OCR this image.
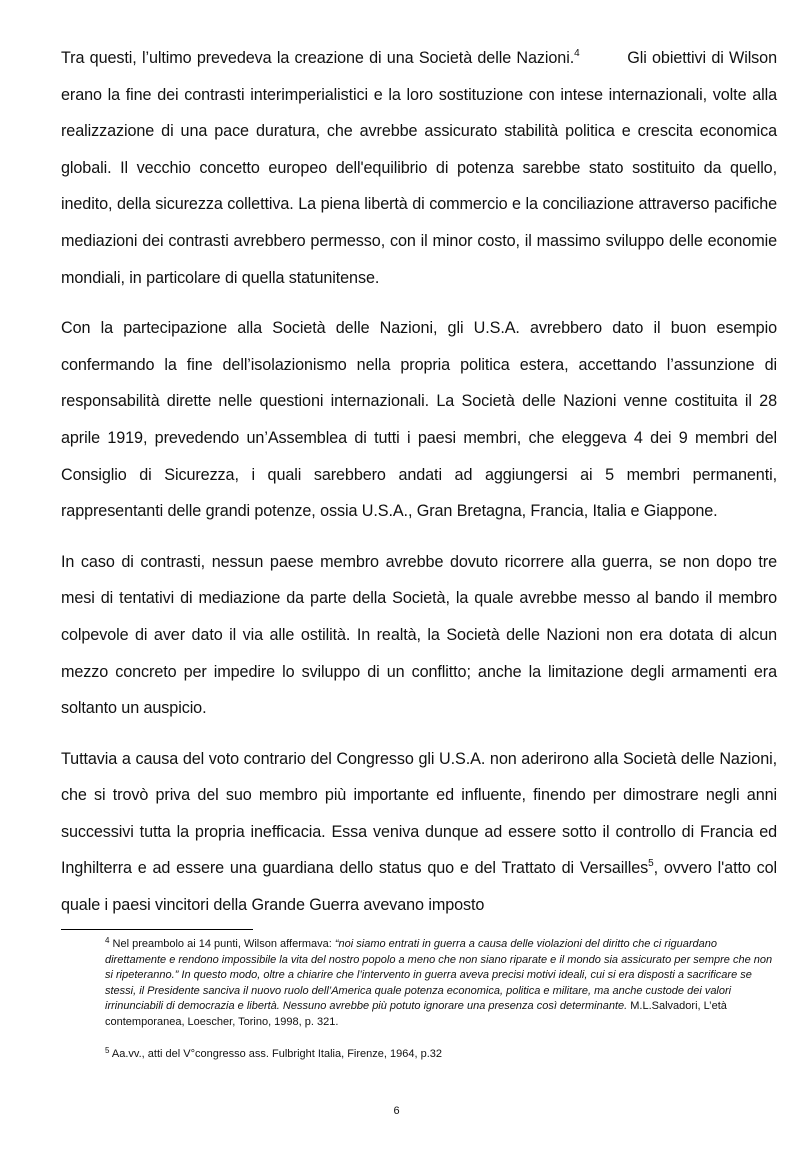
Tra questi, l’ultimo prevedeva la creazione di una Società delle Nazioni.$^4$	Gli obiettivi di Wilson erano la fine dei contrasti interimperialistici e la loro sostituzione con intese internazionali, volte alla realizzazione di una pace duratura, che avrebbe assicurato stabilità politica e crescita economica globali. Il vecchio concetto europeo dell'equilibrio di potenza sarebbe stato sostituito da quello, inedito, della sicurezza collettiva. La piena libertà di commercio e la conciliazione attraverso pacifiche mediazioni dei contrasti avrebbero permesso, con il minor costo, il massimo sviluppo delle economie mondiali, in particolare di quella statunitense.

Con la partecipazione alla Società delle Nazioni, gli U.S.A. avrebbero dato il buon esempio confermando la fine dell’isolazionismo nella propria politica estera, accettando l’assunzione di responsabilità dirette nelle questioni internazionali. La Società delle Nazioni venne costituita il 28 aprile 1919, prevedendo un’Assemblea di tutti i paesi membri, che eleggeva 4 dei 9 membri del Consiglio di Sicurezza, i quali sarebbero andati ad aggiungersi ai 5 membri permanenti, rappresentanti delle grandi potenze, ossia U.S.A., Gran Bretagna, Francia, Italia e Giappone.

In caso di contrasti, nessun paese membro avrebbe dovuto ricorrere alla guerra, se non dopo tre mesi di tentativi di mediazione da parte della Società, la quale avrebbe messo al bando il membro colpevole di aver dato il via alle ostilità. In realtà, la Società delle Nazioni non era dotata di alcun mezzo concreto per impedire lo sviluppo di un conflitto; anche la limitazione degli armamenti era soltanto un auspicio.

Tuttavia a causa del voto contrario del Congresso gli U.S.A. non aderirono alla Società delle Nazioni, che si trovò priva del suo membro più importante ed influente, finendo per dimostrare negli anni successivi tutta la propria inefficacia. Essa veniva dunque ad essere sotto il controllo di Francia ed Inghilterra e ad essere una guardiana dello status quo e del Trattato di Versailles$^5$, ovvero l'atto col quale i paesi vincitori della Grande Guerra avevano imposto

$^4$ Nel preambolo ai 14 punti, Wilson affermava: “noi siamo entrati in guerra a causa delle violazioni del diritto che ci riguardano direttamente e rendono impossibile la vita del nostro popolo a meno che non siano riparate e il mondo sia assicurato per sempre che non si ripeteranno.” In questo modo, oltre a chiarire che l’intervento in guerra aveva precisi motivi ideali, cui si era disposti a sacrificare se stessi, il Presidente sanciva il nuovo ruolo dell’America quale potenza economica, politica e militare, ma anche custode dei valori irrinunciabili di democrazia e libertà. Nessuno avrebbe più potuto ignorare una presenza così determinante. M.L.Salvadori, L’età contemporanea, Loescher, Torino, 1998, p. 321.

$^5$ Aa.vv., atti del V°congresso ass. Fulbright Italia, Firenze, 1964, p.32

6
